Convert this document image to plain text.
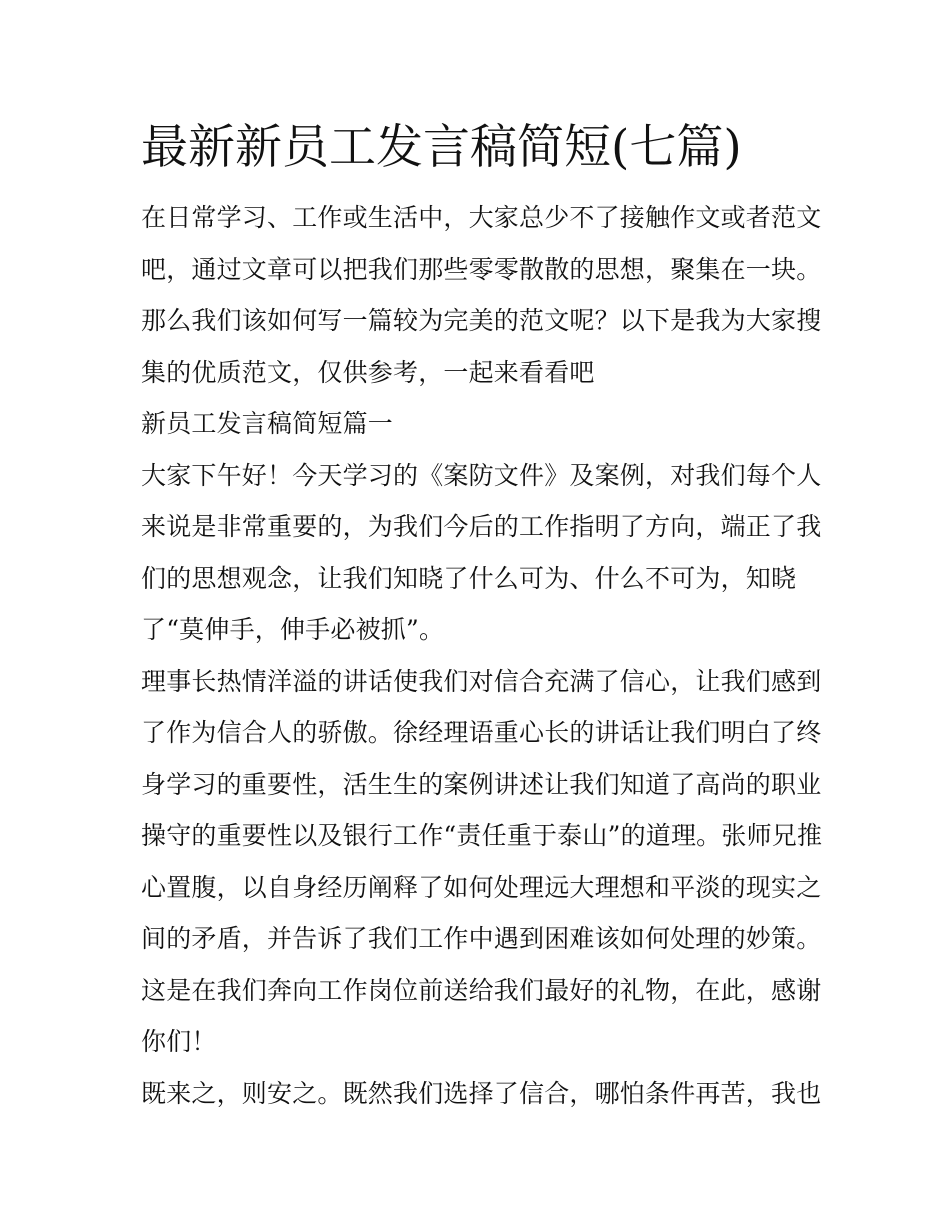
最新新员工发言稿简短(七篇)
在日常学习、工作或生活中，大家总少不了接触作文或者范文
吧，通过文章可以把我们那些零零散散的思想，聚集在一块。
那么我们该如何写一篇较为完美的范文呢？以下是我为大家搜
集的优质范文，仅供参考，一起来看看吧
新员工发言稿简短篇一
大家下午好！今天学习的《案防文件》及案例，对我们每个人
来说是非常重要的，为我们今后的工作指明了方向，端正了我
们的思想观念，让我们知晓了什么可为、什么不可为，知晓
了“莫伸手，伸手必被抓”。
理事长热情洋溢的讲话使我们对信合充满了信心，让我们感到
了作为信合人的骄傲。徐经理语重心长的讲话让我们明白了终
身学习的重要性，活生生的案例讲述让我们知道了高尚的职业
操守的重要性以及银行工作“责任重于泰山”的道理。张师兄推
心置腹，以自身经历阐释了如何处理远大理想和平淡的现实之
间的矛盾，并告诉了我们工作中遇到困难该如何处理的妙策。
这是在我们奔向工作岗位前送给我们最好的礼物，在此，感谢
你们！
既来之，则安之。既然我们选择了信合，哪怕条件再苦，我也
